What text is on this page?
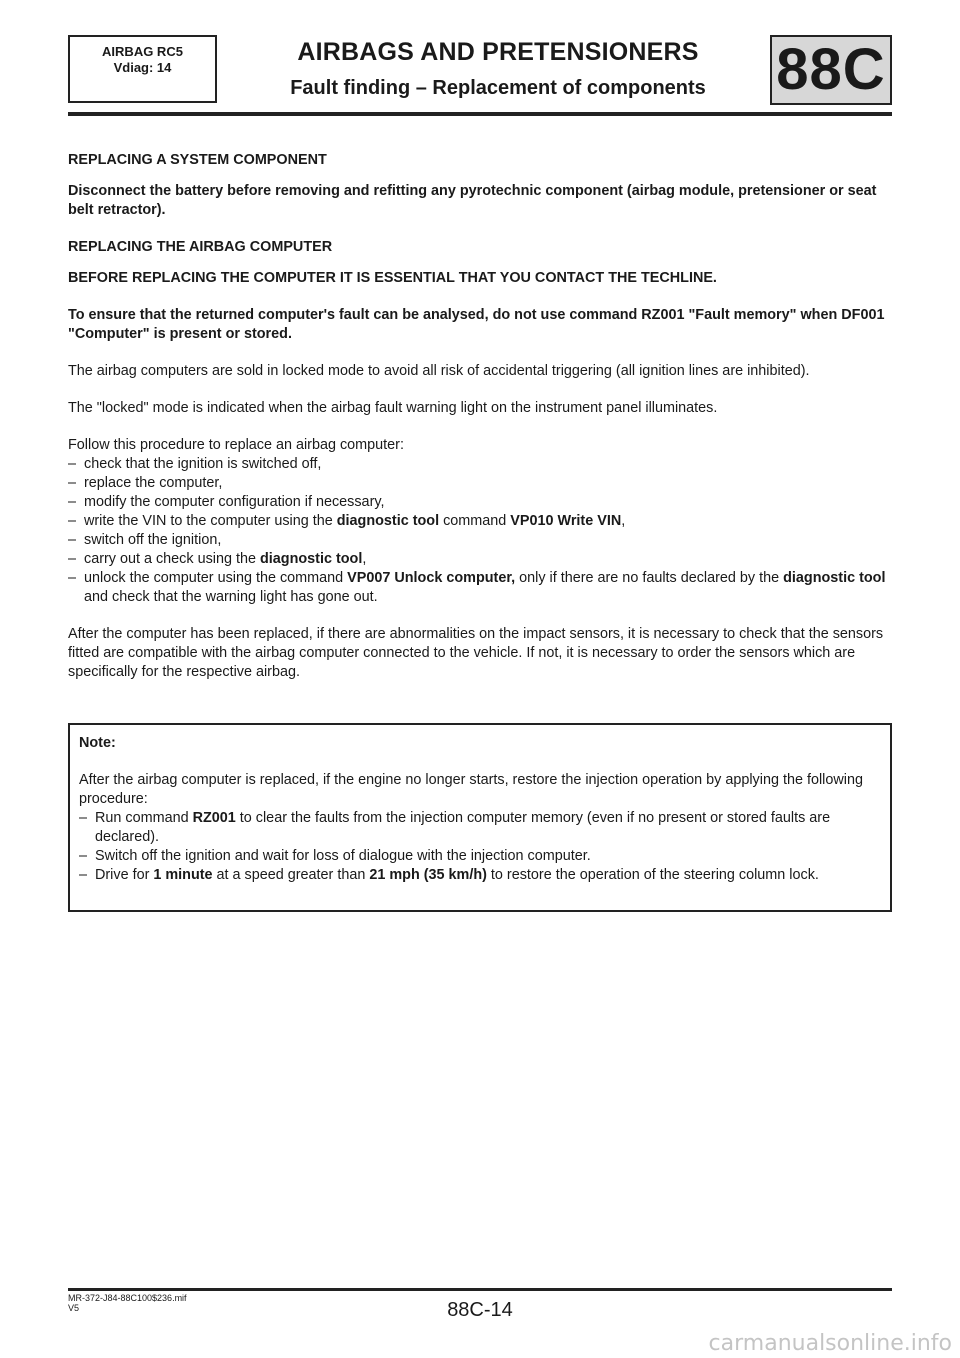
AIRBAG RC5
Vdiag: 14
AIRBAGS AND PRETENSIONERS
Fault finding – Replacement of components	88C

REPLACING A SYSTEM COMPONENT

Disconnect the battery before removing and refitting any pyrotechnic component (airbag module, pretensioner or seat belt retractor).

REPLACING THE AIRBAG COMPUTER

BEFORE REPLACING THE COMPUTER IT IS ESSENTIAL THAT YOU CONTACT THE TECHLINE.

To ensure that the returned computer's fault can be analysed, do not use command RZ001 "Fault memory" when DF001 "Computer" is present or stored.

The airbag computers are sold in locked mode to avoid all risk of accidental triggering (all ignition lines are inhibited).

The "locked" mode is indicated when the airbag fault warning light on the instrument panel illuminates.

Follow this procedure to replace an airbag computer:

– check that the ignition is switched off,
– replace the computer,
– modify the computer configuration if necessary,
– write the VIN to the computer using the diagnostic tool command VP010 Write VIN,
– switch off the ignition,
– carry out a check using the diagnostic tool,
– unlock the computer using the command VP007 Unlock computer, only if there are no faults declared by the diagnostic tool and check that the warning light has gone out.

After the computer has been replaced, if there are abnormalities on the impact sensors, it is necessary to check that the sensors fitted are compatible with the airbag computer connected to the vehicle. If not, it is necessary to order the sensors which are specifically for the respective airbag.

Note:

After the airbag computer is replaced, if the engine no longer starts, restore the injection operation by applying the following procedure:

– Run command RZ001 to clear the faults from the injection computer memory (even if no present or stored faults are declared).
– Switch off the ignition and wait for loss of dialogue with the injection computer.
– Drive for 1 minute at a speed greater than 21 mph (35 km/h) to restore the operation of the steering column lock.
MR-372-J84-88C100$236.mif
V5	88C-14
carmanualsonline.info
